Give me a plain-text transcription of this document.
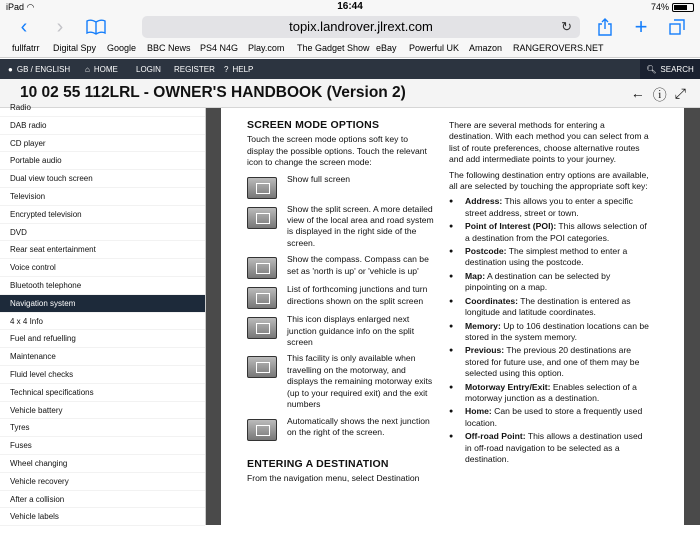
iPad ◠	16:44	74%
‹	›	topix.landrover.jlrext.com	↻	+
fullfatrr Digital Spy Google BBC News PS4 N4G Play.com The Gadget Show eBay Powerful UK Amazon RANGEROVERS.NET
● GB / ENGLISH ⌂ HOME LOGIN REGISTER ? HELP	🔍︎ SEARCH
10 02 55 112LRL - OWNER'S HANDBOOK (Version 2)	← ⓘ ⤢
Radio
DAB radio
CD player
Portable audio
Dual view touch screen
Television
Encrypted television
DVD
Rear seat entertainment
Voice control
Bluetooth telephone
Navigation system
4 x 4 Info
Fuel and refuelling
Maintenance
Fluid level checks
Technical specifications
Vehicle battery
Tyres
Fuses
Wheel changing
Vehicle recovery
After a collision
Vehicle labels
SCREEN MODE OPTIONS

Touch the screen mode options soft key to display the possible options. Touch the relevant icon to change the screen mode:

Show full screen
Show the split screen. A more detailed view of the local area and road system is displayed in the right side of the screen.
Show the compass. Compass can be set as 'north is up' or 'vehicle is up'
List of forthcoming junctions and turn directions shown on the split screen
This icon displays enlarged next junction guidance info on the split screen
This facility is only available when travelling on the motorway, and displays the remaining motorway exits (up to your required exit) and the exit numbers
Automatically shows the next junction on the right of the screen.
ENTERING A DESTINATION

From the navigation menu, select Destination

There are several methods for entering a destination. With each method you can select from a list of route preferences, choose alternative routes and add intermediate points to your journey.

The following destination entry options are available, all are selected by touching the appropriate soft key:

● Address: This allows you to enter a specific street address, street or town.
● Point of Interest (POI): This allows selection of a destination from the POI categories.
● Postcode: The simplest method to enter a destination using the postcode.
● Map: A destination can be selected by pinpointing on a map.
● Coordinates: The destination is entered as longitude and latitude coordinates.
● Memory: Up to 106 destination locations can be stored in the system memory.
● Previous: The previous 20 destinations are stored for future use, and one of them may be selected using this option.
● Motorway Entry/Exit: Enables selection of a motorway junction as a destination.
● Home: Can be used to store a frequently used location.
● Off-road Point: This allows a destination used in off-road navigation to be selected as a destination.
